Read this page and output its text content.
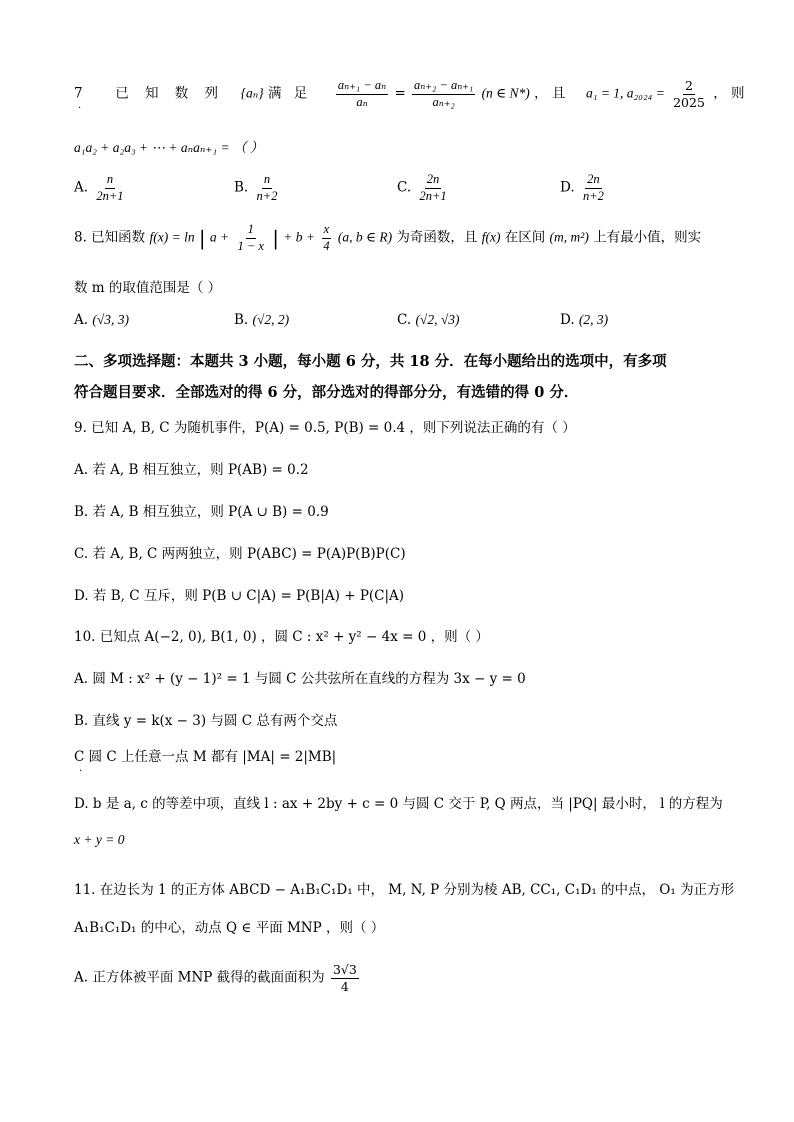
7 已 知 数 列 {aₙ} 满 足 $\frac{\text{aₙ₊₁ − aₙ}}{\text{aₙ}} = \frac{\text{aₙ₊₂ − aₙ₊₁}}{\text{aₙ₊₂}} (n$ ∈ N*) ， 且 a₁ = 1, $a_{2024} = \frac{2}{2025}$ ， 则
.
a₁a₂ + a₂a₃ + ⋯ + aₙaₙ₊₁ = （ ）
A. $\frac{n}{2n+1}$	B. $\frac{n}{n+2}$	C. $\frac{2n}{2n+1}$	D. $\frac{2n}{n+2}$
8. 已知函数 f(x) = ln | $a + \frac{1}{1 - x}$ | + $b + \frac{x}{4} (a$, b ∈ R) 为奇函数，且 f(x) 在区间 (m, m²) 上有最小值，则实
数 m 的取值范围是（ ）
A. (√3, 3)	B. (√2, 2)	C. (√2, √3)	D. (2, 3)
二、多项选择题：本题共 3 小题，每小题 6 分，共 18 分．在每小题给出的选项中，有多项
符合题目要求．全部选对的得 6 分，部分选对的得部分分，有选错的得 0 分．
9. 已知 A, B, C 为随机事件，P(A) = 0.5, P(B) = 0.4 ，则下列说法正确的有（ ）
A. 若 A, B 相互独立，则 P(AB) = 0.2
B. 若 A, B 相互独立，则 P(A ∪ B) = 0.9
C. 若 A, B, C 两两独立，则 P(ABC) = P(A)P(B)P(C)
D. 若 B, C 互斥，则 P(B ∪ C|A) = P(B|A) + P(C|A)
10. 已知点 A(−2, 0), B(1, 0) ，圆 C : x² + y² − 4x = 0 ，则（ ）
A. 圆 M : x² + (y − 1)² = 1 与圆 C 公共弦所在直线的方程为 3x − y = 0
B. 直线 y = k(x − 3) 与圆 C 总有两个交点
C 圆 C 上任意一点 M 都有 |MA| = 2|MB|
.
D. b 是 a, c 的等差中项，直线 l : ax + 2by + c = 0 与圆 C 交于 P, Q 两点，当 |PQ| 最小时， l 的方程为
x + y = 0
11. 在边长为 1 的正方体 ABCD − A₁B₁C₁D₁ 中， M, N, P 分别为棱 AB, CC₁, C₁D₁ 的中点， O₁ 为正方形
A₁B₁C₁D₁ 的中心，动点 Q ∈ 平面 MNP ，则（ ）
A. 正方体被平面 MNP 截得的截面面积为 $\frac{3√3}{4}$
